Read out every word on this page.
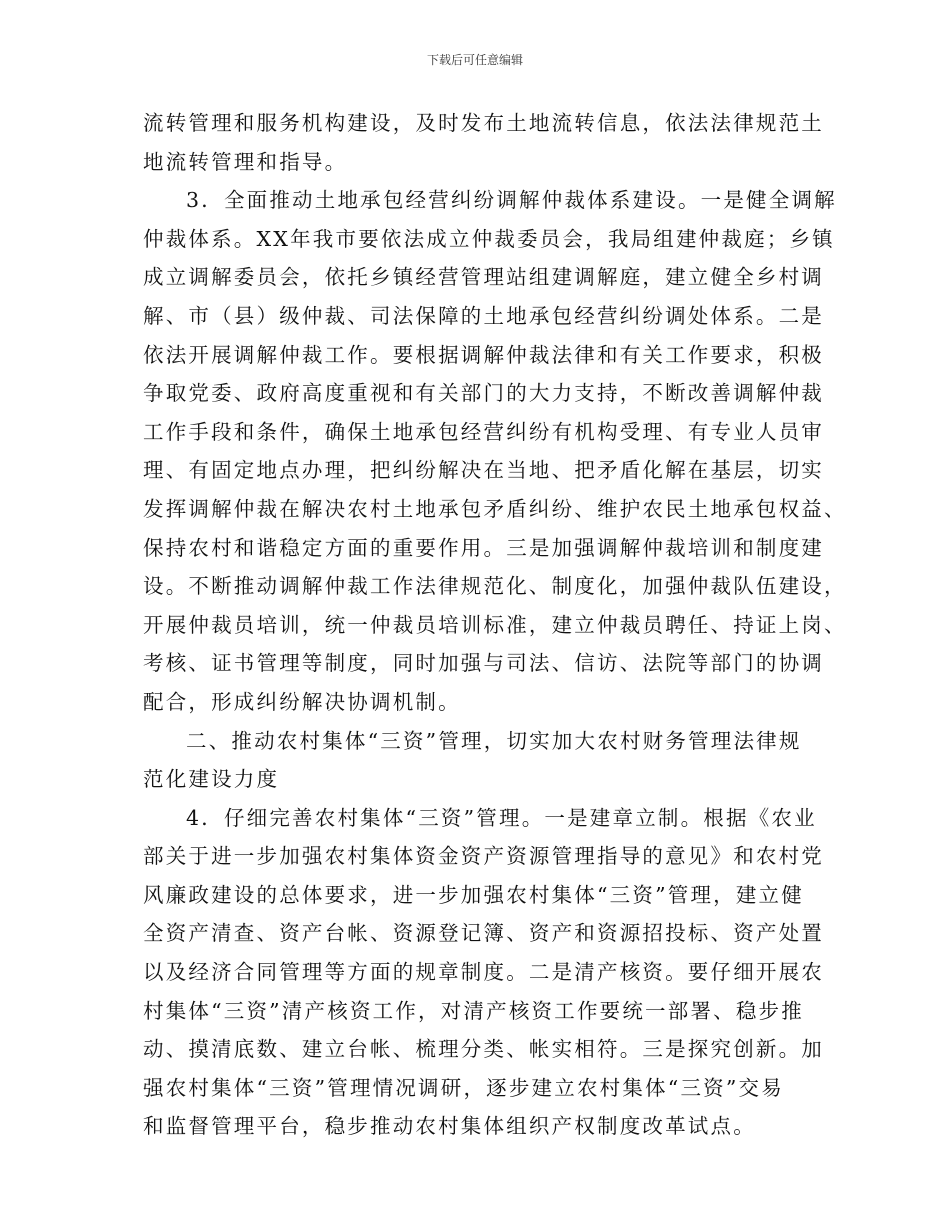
下载后可任意编辑
流转管理和服务机构建设，及时发布土地流转信息，依法法律规范土
地流转管理和指导。
3．全面推动土地承包经营纠纷调解仲裁体系建设。一是健全调解
仲裁体系。XX年我市要依法成立仲裁委员会，我局组建仲裁庭；乡镇
成立调解委员会，依托乡镇经营管理站组建调解庭，建立健全乡村调
解、市（县）级仲裁、司法保障的土地承包经营纠纷调处体系。二是
依法开展调解仲裁工作。要根据调解仲裁法律和有关工作要求，积极
争取党委、政府高度重视和有关部门的大力支持，不断改善调解仲裁
工作手段和条件，确保土地承包经营纠纷有机构受理、有专业人员审
理、有固定地点办理，把纠纷解决在当地、把矛盾化解在基层，切实
发挥调解仲裁在解决农村土地承包矛盾纠纷、维护农民土地承包权益、
保持农村和谐稳定方面的重要作用。三是加强调解仲裁培训和制度建
设。不断推动调解仲裁工作法律规范化、制度化，加强仲裁队伍建设，
开展仲裁员培训，统一仲裁员培训标准，建立仲裁员聘任、持证上岗、
考核、证书管理等制度，同时加强与司法、信访、法院等部门的协调
配合，形成纠纷解决协调机制。
二、推动农村集体“三资”管理，切实加大农村财务管理法律规
范化建设力度
4．仔细完善农村集体“三资”管理。一是建章立制。根据《农业
部关于进一步加强农村集体资金资产资源管理指导的意见》和农村党
风廉政建设的总体要求，进一步加强农村集体“三资”管理，建立健
全资产清查、资产台帐、资源登记簿、资产和资源招投标、资产处置
以及经济合同管理等方面的规章制度。二是清产核资。要仔细开展农
村集体“三资”清产核资工作，对清产核资工作要统一部署、稳步推
动、摸清底数、建立台帐、梳理分类、帐实相符。三是探究创新。加
强农村集体“三资”管理情况调研，逐步建立农村集体“三资”交易
和监督管理平台，稳步推动农村集体组织产权制度改革试点。
